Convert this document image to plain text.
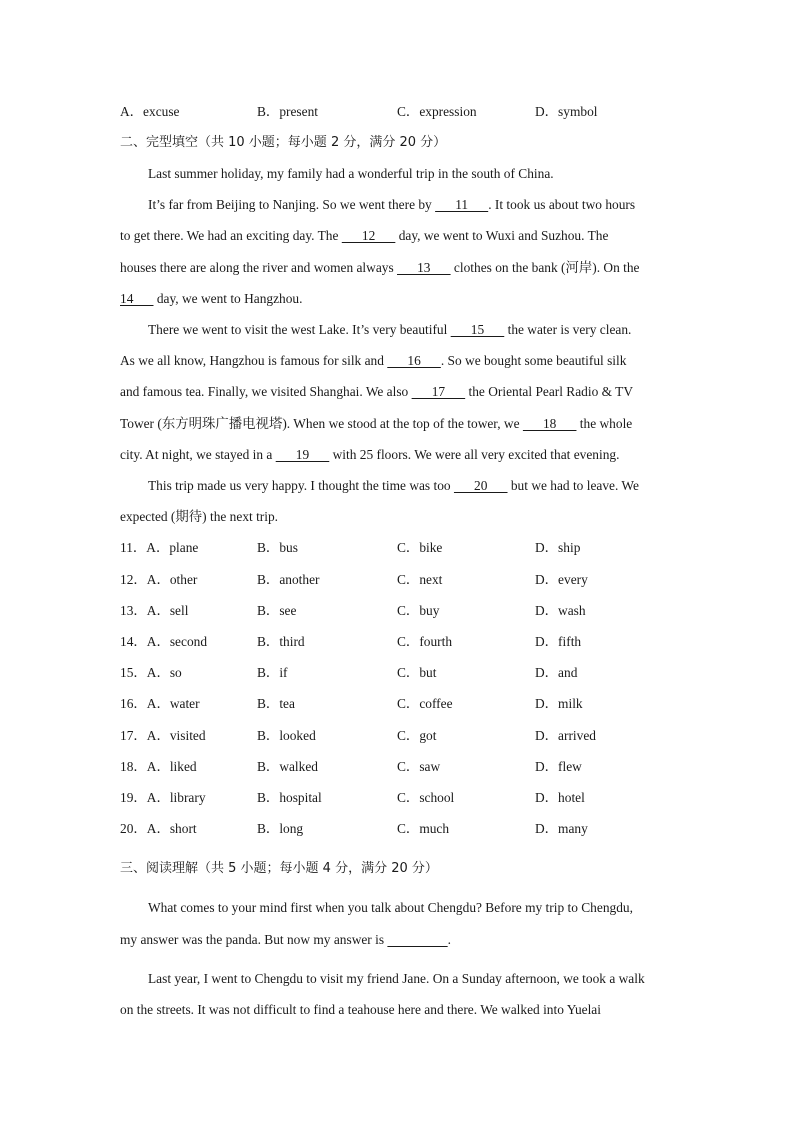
A．excuse	B．present	C．expression	D．symbol
二、完型填空（共 10 小题；每小题 2 分，满分 20 分）
Last summer holiday, my family had a wonderful trip in the south of China.
It’s far from Beijing to Nanjing. So we went there by    11   . It took us about two hours
to get there. We had an exciting day. The    12    day, we went to Wuxi and Suzhou. The
houses there are along the river and women always    13    clothes on the bank (河岸). On the
14    day, we went to Hangzhou.
There we went to visit the west Lake. It’s very beautiful    15    the water is very clean.
As we all know, Hangzhou is famous for silk and    16   . So we bought some beautiful silk
and famous tea. Finally, we visited Shanghai. We also    17    the Oriental Pearl Radio & TV
Tower (东方明珠广播电视塔). When we stood at the top of the tower, we    18    the whole
city. At night, we stayed in a    19    with 25 floors. We were all very excited that evening.
This trip made us very happy. I thought the time was too    20    but we had to leave. We
expected (期待) the next trip.
11．A．plane	B．bus	C．bike	D．ship
12．A．other	B．another	C．next	D．every
13．A．sell	B．see	C．buy	D．wash
14．A．second	B．third	C．fourth	D．fifth
15．A．so	B．if	C．but	D．and
16．A．water	B．tea	C．coffee	D．milk
17．A．visited	B．looked	C．got	D．arrived
18．A．liked	B．walked	C．saw	D．flew
19．A．library	B．hospital	C．school	D．hotel
20．A．short	B．long	C．much	D．many
三、阅读理解（共 5 小题；每小题 4 分，满分 20 分）
What comes to your mind first when you talk about Chengdu? Before my trip to Chengdu,
my answer was the panda. But now my answer is          	.
Last year, I went to Chengdu to visit my friend Jane. On a Sunday afternoon, we took a walk
on the streets. It was not difficult to find a teahouse here and there. We walked into Yuelai
